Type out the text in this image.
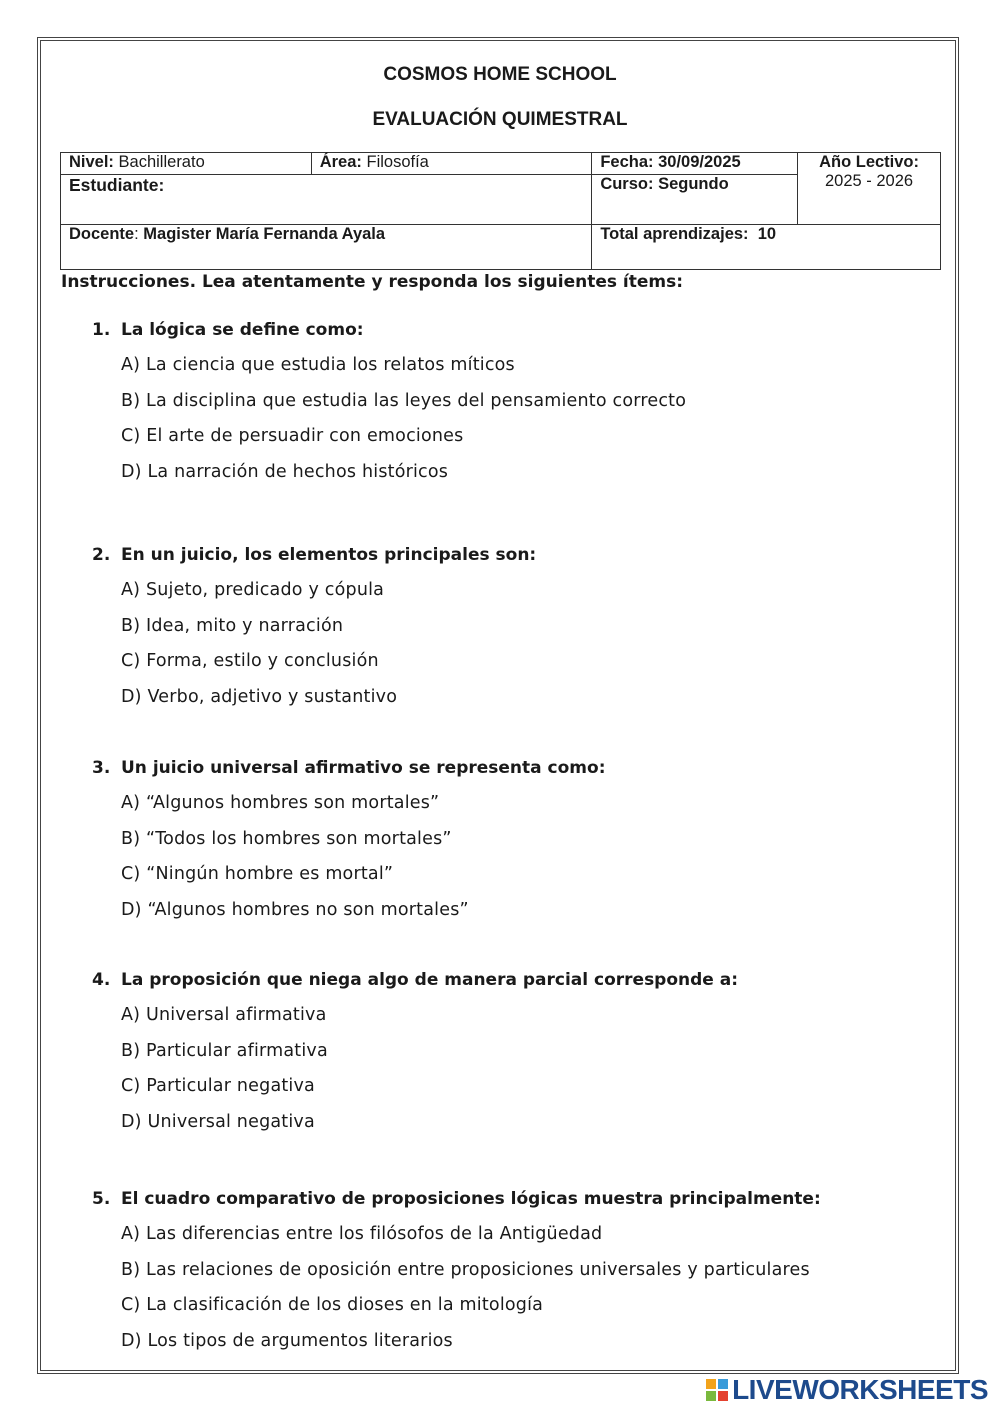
COSMOS HOME SCHOOL
EVALUACIÓN QUIMESTRAL
Nivel: Bachillerato	Área: Filosofía	Fecha: 30/09/2025	Año Lectivo:
2025 - 2026

Estudiante:		Curso: Segundo	
Docente: Magister María Fernanda Ayala		Total aprendizajes: 10	
Instrucciones. Lea atentamente y responda los siguientes ítems:
1. La lógica se define como:
A) La ciencia que estudia los relatos míticos
B) La disciplina que estudia las leyes del pensamiento correcto
C) El arte de persuadir con emociones
D) La narración de hechos históricos
2. En un juicio, los elementos principales son:
A) Sujeto, predicado y cópula
B) Idea, mito y narración
C) Forma, estilo y conclusión
D) Verbo, adjetivo y sustantivo
3. Un juicio universal afirmativo se representa como:
A) “Algunos hombres son mortales”
B) “Todos los hombres son mortales”
C) “Ningún hombre es mortal”
D) “Algunos hombres no son mortales”
4. La proposición que niega algo de manera parcial corresponde a:
A) Universal afirmativa
B) Particular afirmativa
C) Particular negativa
D) Universal negativa
5. El cuadro comparativo de proposiciones lógicas muestra principalmente:
A) Las diferencias entre los filósofos de la Antigüedad
B) Las relaciones de oposición entre proposiciones universales y particulares
C) La clasificación de los dioses en la mitología
D) Los tipos de argumentos literarios
LIVEWORKSHEETS
